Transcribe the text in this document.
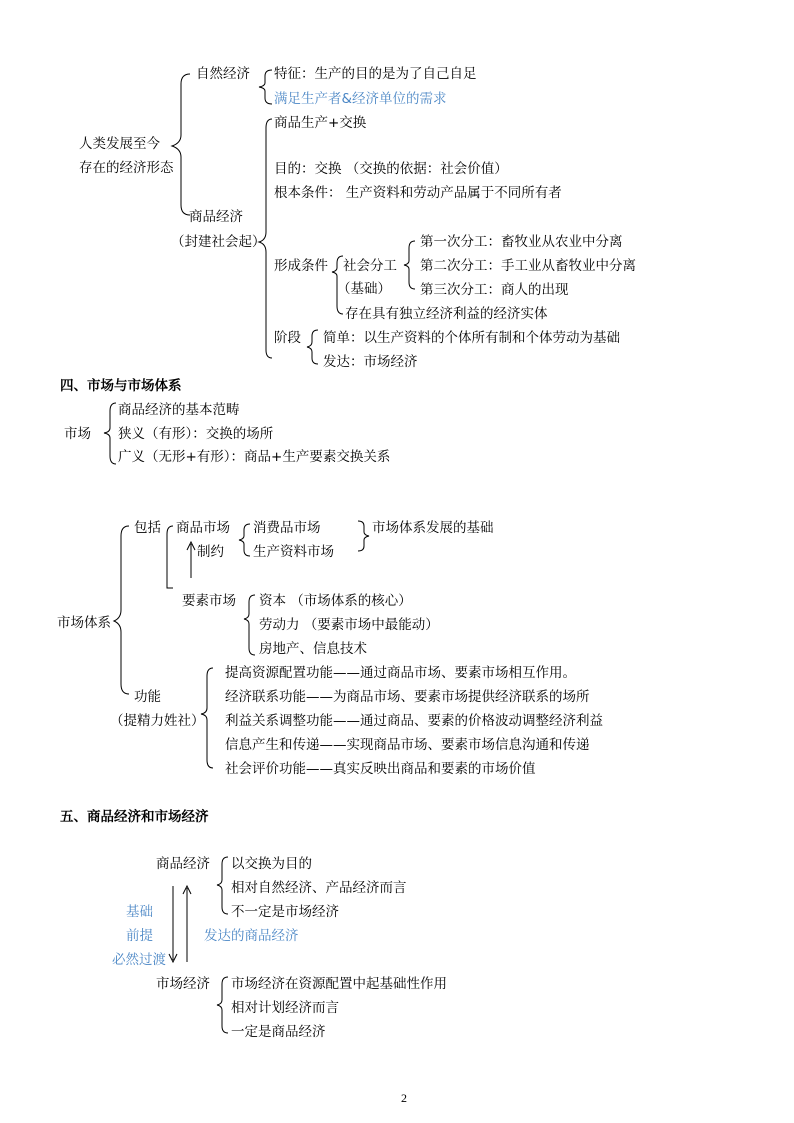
人类发展至今
存在的经济形态
自然经济 特征：生产的目的是为了自己自足
满足生产者&经济单位的需求
商品经济
（封建社会起）
商品生产+交换
目的：交换 （交换的依据：社会价值）
根本条件： 生产资料和劳动产品属于不同所有者
形成条件 社会分工
（基础）
第一次分工：畜牧业从农业中分离
第二次分工：手工业从畜牧业中分离
第三次分工：商人的出现
存在具有独立经济利益的经济实体
阶段 简单：以生产资料的个体所有制和个体劳动为基础
发达：市场经济
四、市场与市场体系
市场
商品经济的基本范畴
狭义（有形）：交换的场所
广义（无形+有形）：商品+生产要素交换关系
市场体系
包括 商品市场 消费品市场
生产资料市场
制约
市场体系发展的基础
要素市场 资本 （市场体系的核心）
劳动力 （要素市场中最能动）
房地产、信息技术
功能
（提精力姓社）
提高资源配置功能——通过商品市场、要素市场相互作用。
经济联系功能——为商品市场、要素市场提供经济联系的场所
利益关系调整功能——通过商品、要素的价格波动调整经济利益
信息产生和传递——实现商品市场、要素市场信息沟通和传递
社会评价功能——真实反映出商品和要素的市场价值
五、商品经济和市场经济
商品经济 以交换为目的
相对自然经济、产品经济而言
不一定是市场经济
基础
前提
必然过渡
发达的商品经济
市场经济 市场经济在资源配置中起基础性作用
相对计划经济而言
一定是商品经济
2
